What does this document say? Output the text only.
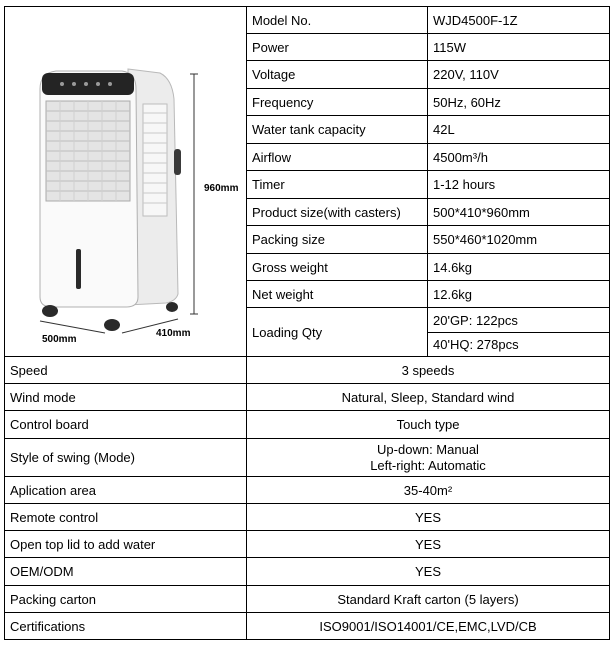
960mm
500mm
410mm	Model No.	WJD4500F-1Z
	Power	115W
	Voltage	220V, 110V
	Frequency	50Hz, 60Hz
	Water tank capacity	42L
	Airflow	4500m³/h
	Timer	1-12 hours
	Product size(with casters)	500*410*960mm
	Packing size	550*460*1020mm
	Gross weight	14.6kg
	Net weight	12.6kg
	Loading Qty	20'GP: 122pcs
		40'HQ: 278pcs
Speed	3 speeds	
Wind mode	Natural, Sleep, Standard wind	
Control board	Touch type	
Style of swing (Mode)	Up-down: Manual
Left-right: Automatic	

Aplication area	35-40m²	
Remote control	YES	
Open top lid to add water	YES	
OEM/ODM	YES	
Packing carton	Standard Kraft carton (5 layers)	
Certifications	ISO9001/ISO14001/CE,EMC,LVD/CB	
